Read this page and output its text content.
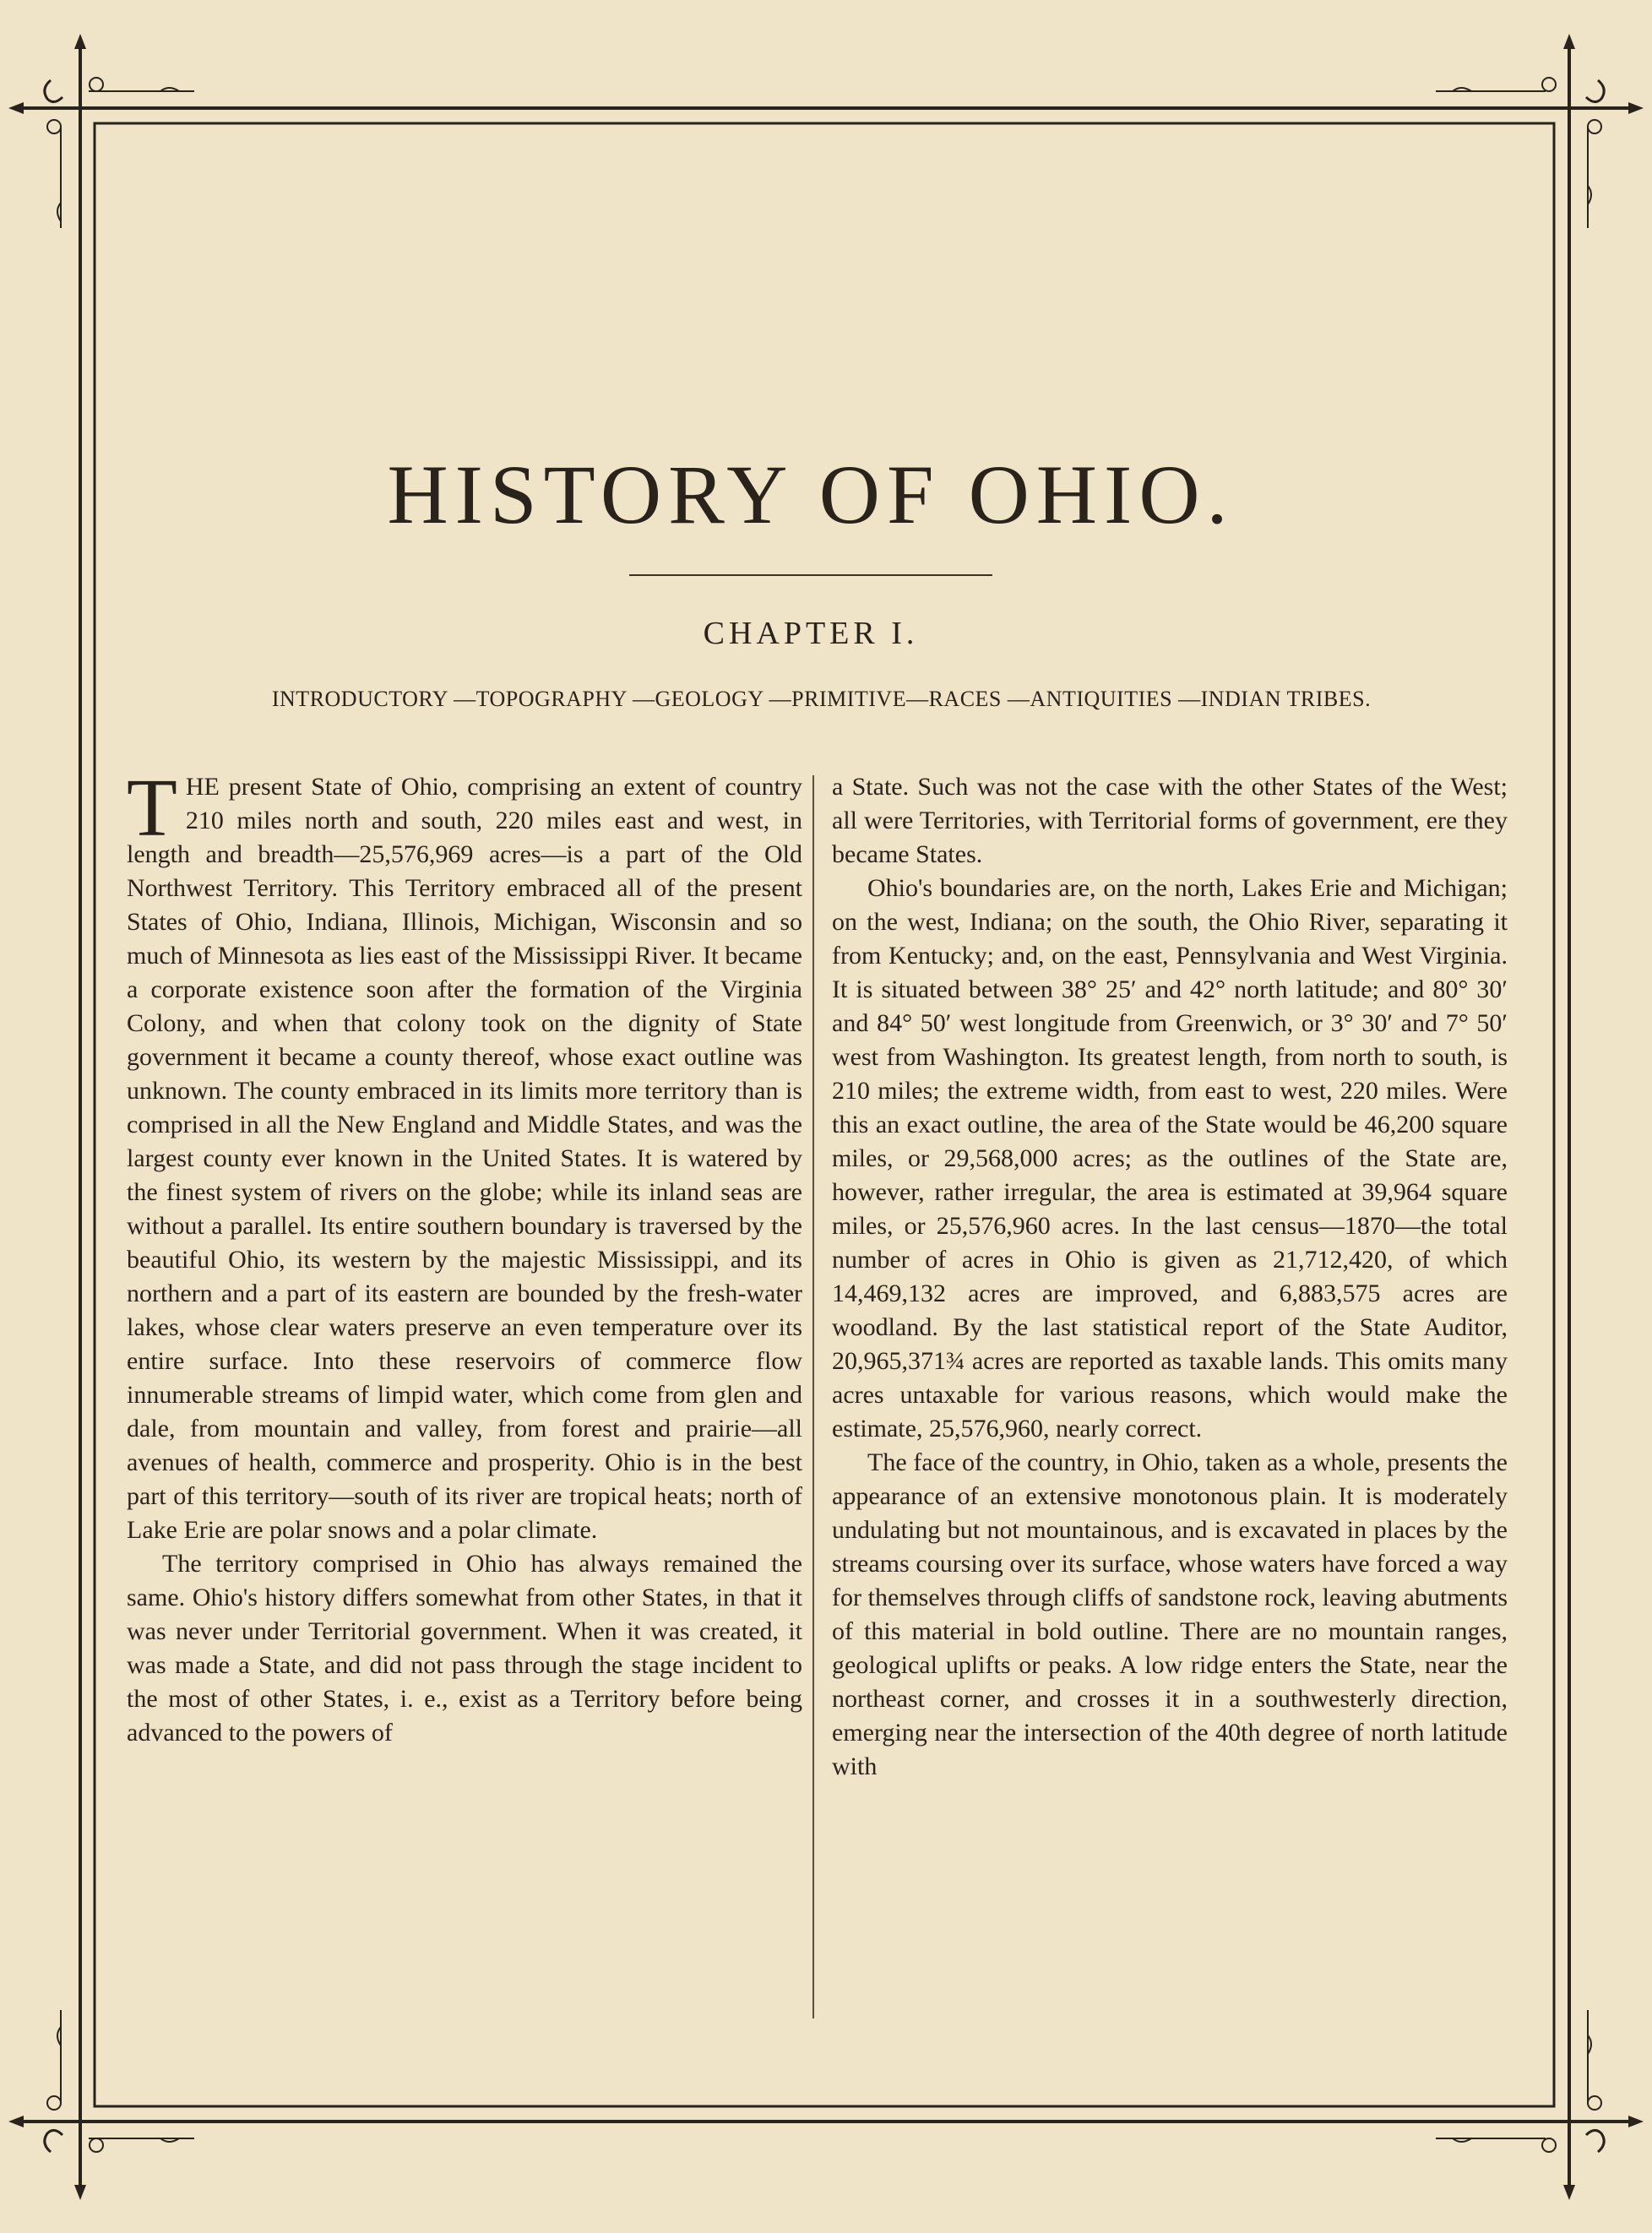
HISTORY OF OHIO.
CHAPTER I.
INTRODUCTORY —TOPOGRAPHY —GEOLOGY —PRIMITIVE—RACES —ANTIQUITIES —INDIAN TRIBES.

THE present State of Ohio, comprising an extent of country 210 miles north and south, 220 miles east and west, in length and breadth—25,576,969 acres—is a part of the Old Northwest Territory. This Territory embraced all of the present States of Ohio, Indiana, Illinois, Michigan, Wisconsin and so much of Minnesota as lies east of the Mississippi River. It became a corporate existence soon after the formation of the Virginia Colony, and when that colony took on the dignity of State government it became a county thereof, whose exact outline was unknown. The county embraced in its limits more territory than is comprised in all the New England and Middle States, and was the largest county ever known in the United States. It is watered by the finest system of rivers on the globe; while its inland seas are without a parallel. Its entire southern boundary is traversed by the beautiful Ohio, its western by the majestic Mississippi, and its northern and a part of its eastern are bounded by the fresh-water lakes, whose clear waters preserve an even temperature over its entire surface. Into these reservoirs of commerce flow innumerable streams of limpid water, which come from glen and dale, from mountain and valley, from forest and prairie—all avenues of health, commerce and prosperity. Ohio is in the best part of this territory—south of its river are tropical heats; north of Lake Erie are polar snows and a polar climate.

The territory comprised in Ohio has always remained the same. Ohio's history differs somewhat from other States, in that it was never under Territorial government. When it was created, it was made a State, and did not pass through the stage incident to the most of other States, i. e., exist as a Territory before being advanced to the powers of

a State. Such was not the case with the other States of the West; all were Territories, with Territorial forms of government, ere they became States.

Ohio's boundaries are, on the north, Lakes Erie and Michigan; on the west, Indiana; on the south, the Ohio River, separating it from Kentucky; and, on the east, Pennsylvania and West Virginia. It is situated between 38° 25′ and 42° north latitude; and 80° 30′ and 84° 50′ west longitude from Greenwich, or 3° 30′ and 7° 50′ west from Washington. Its greatest length, from north to south, is 210 miles; the extreme width, from east to west, 220 miles. Were this an exact outline, the area of the State would be 46,200 square miles, or 29,568,000 acres; as the outlines of the State are, however, rather irregular, the area is estimated at 39,964 square miles, or 25,576,960 acres. In the last census—1870—the total number of acres in Ohio is given as 21,712,420, of which 14,469,132 acres are improved, and 6,883,575 acres are woodland. By the last statistical report of the State Auditor, 20,965,371¾ acres are reported as taxable lands. This omits many acres untaxable for various reasons, which would make the estimate, 25,576,960, nearly correct.

The face of the country, in Ohio, taken as a whole, presents the appearance of an extensive monotonous plain. It is moderately undulating but not mountainous, and is excavated in places by the streams coursing over its surface, whose waters have forced a way for themselves through cliffs of sandstone rock, leaving abutments of this material in bold outline. There are no mountain ranges, geological uplifts or peaks. A low ridge enters the State, near the northeast corner, and crosses it in a southwesterly direction, emerging near the intersection of the 40th degree of north latitude with
